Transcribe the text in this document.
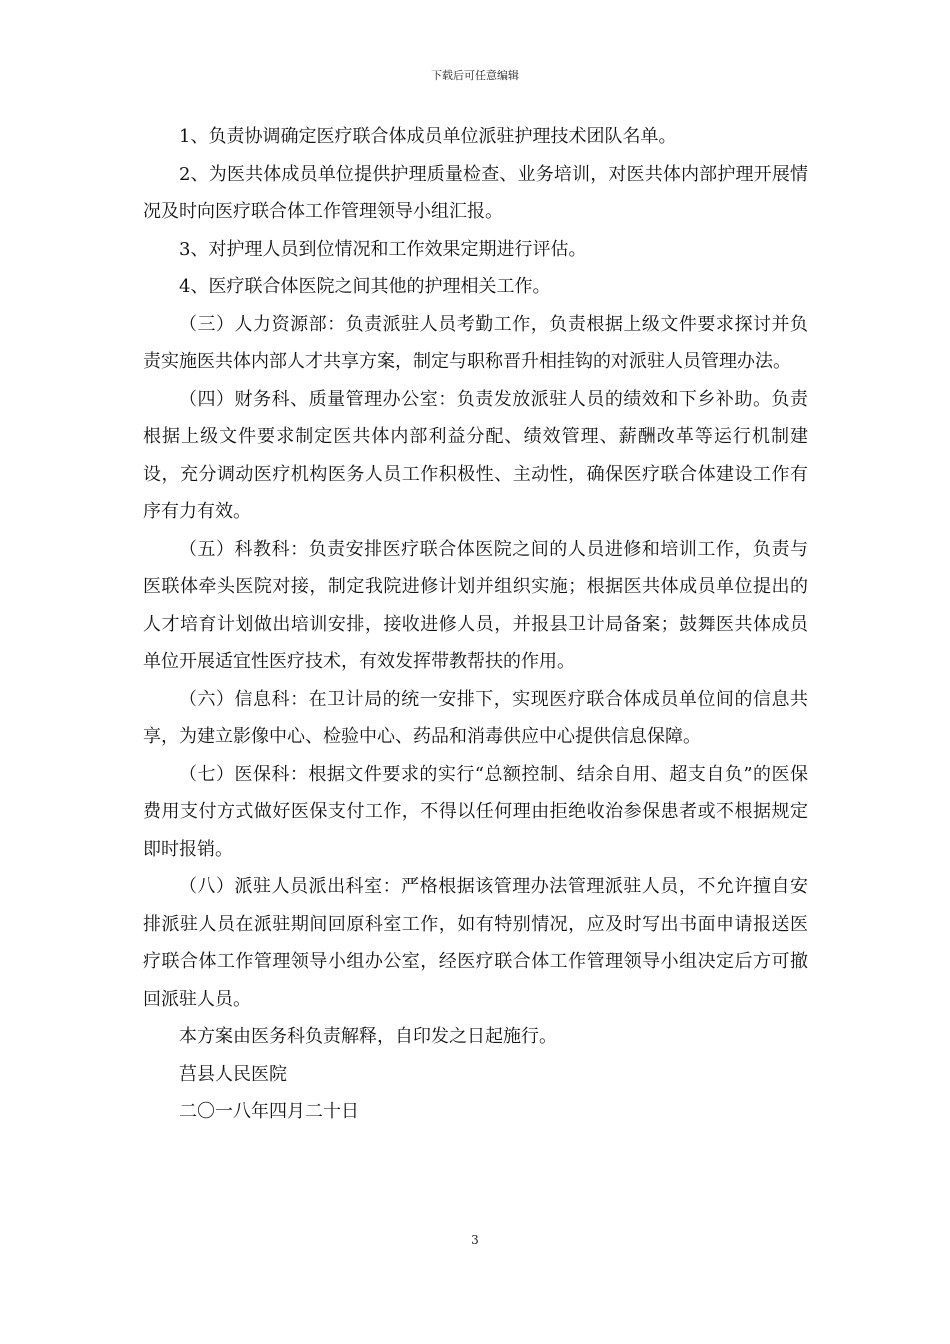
下载后可任意编辑

1、负责协调确定医疗联合体成员单位派驻护理技术团队名单。

2、为医共体成员单位提供护理质量检查、业务培训，对医共体内部护理开展情况及时向医疗联合体工作管理领导小组汇报。

3、对护理人员到位情况和工作效果定期进行评估。

4、医疗联合体医院之间其他的护理相关工作。

（三）人力资源部：负责派驻人员考勤工作，负责根据上级文件要求探讨并负责实施医共体内部人才共享方案，制定与职称晋升相挂钩的对派驻人员管理办法。

（四）财务科、质量管理办公室：负责发放派驻人员的绩效和下乡补助。负责根据上级文件要求制定医共体内部利益分配、绩效管理、薪酬改革等运行机制建设，充分调动医疗机构医务人员工作积极性、主动性，确保医疗联合体建设工作有序有力有效。

（五）科教科：负责安排医疗联合体医院之间的人员进修和培训工作，负责与医联体牵头医院对接，制定我院进修计划并组织实施；根据医共体成员单位提出的人才培育计划做出培训安排，接收进修人员，并报县卫计局备案；鼓舞医共体成员单位开展适宜性医疗技术，有效发挥带教帮扶的作用。

（六）信息科：在卫计局的统一安排下，实现医疗联合体成员单位间的信息共享，为建立影像中心、检验中心、药品和消毒供应中心提供信息保障。

（七）医保科：根据文件要求的实行“总额控制、结余自用、超支自负”的医保费用支付方式做好医保支付工作，不得以任何理由拒绝收治参保患者或不根据规定即时报销。

（八）派驻人员派出科室：严格根据该管理办法管理派驻人员，不允许擅自安排派驻人员在派驻期间回原科室工作，如有特别情况，应及时写出书面申请报送医疗联合体工作管理领导小组办公室，经医疗联合体工作管理领导小组决定后方可撤回派驻人员。

本方案由医务科负责解释，自印发之日起施行。

莒县人民医院

二〇一八年四月二十日

3
